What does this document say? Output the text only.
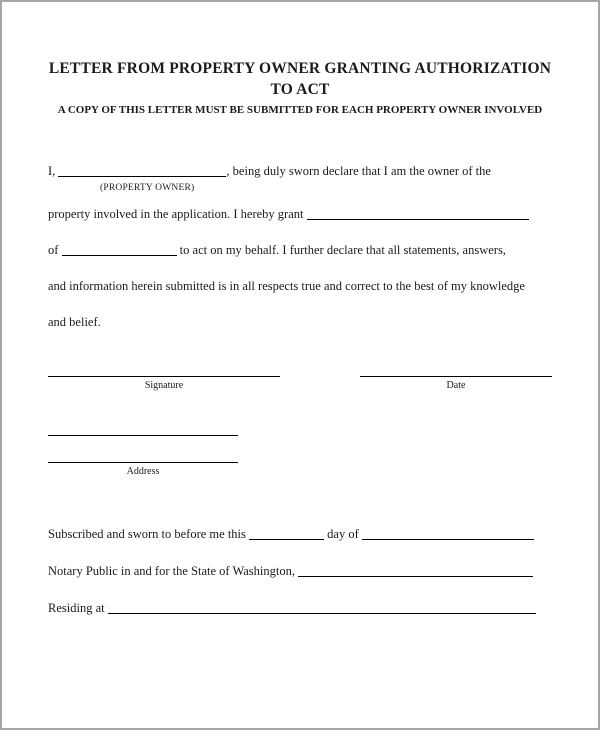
LETTER FROM PROPERTY OWNER GRANTING AUTHORIZATION
TO ACT
A COPY OF THIS LETTER MUST BE SUBMITTED FOR EACH PROPERTY OWNER INVOLVED

I,	, being duly sworn declare that I am the owner of the

(PROPERTY OWNER)

property involved in the application. I hereby grant

of	to act on my behalf. I further declare that all statements, answers,

and information herein submitted is in all respects true and correct to the best of my knowledge

and belief.

Signature	Date
Address

Subscribed and sworn to before me this	day of

Notary Public in and for the State of Washington,

Residing at
